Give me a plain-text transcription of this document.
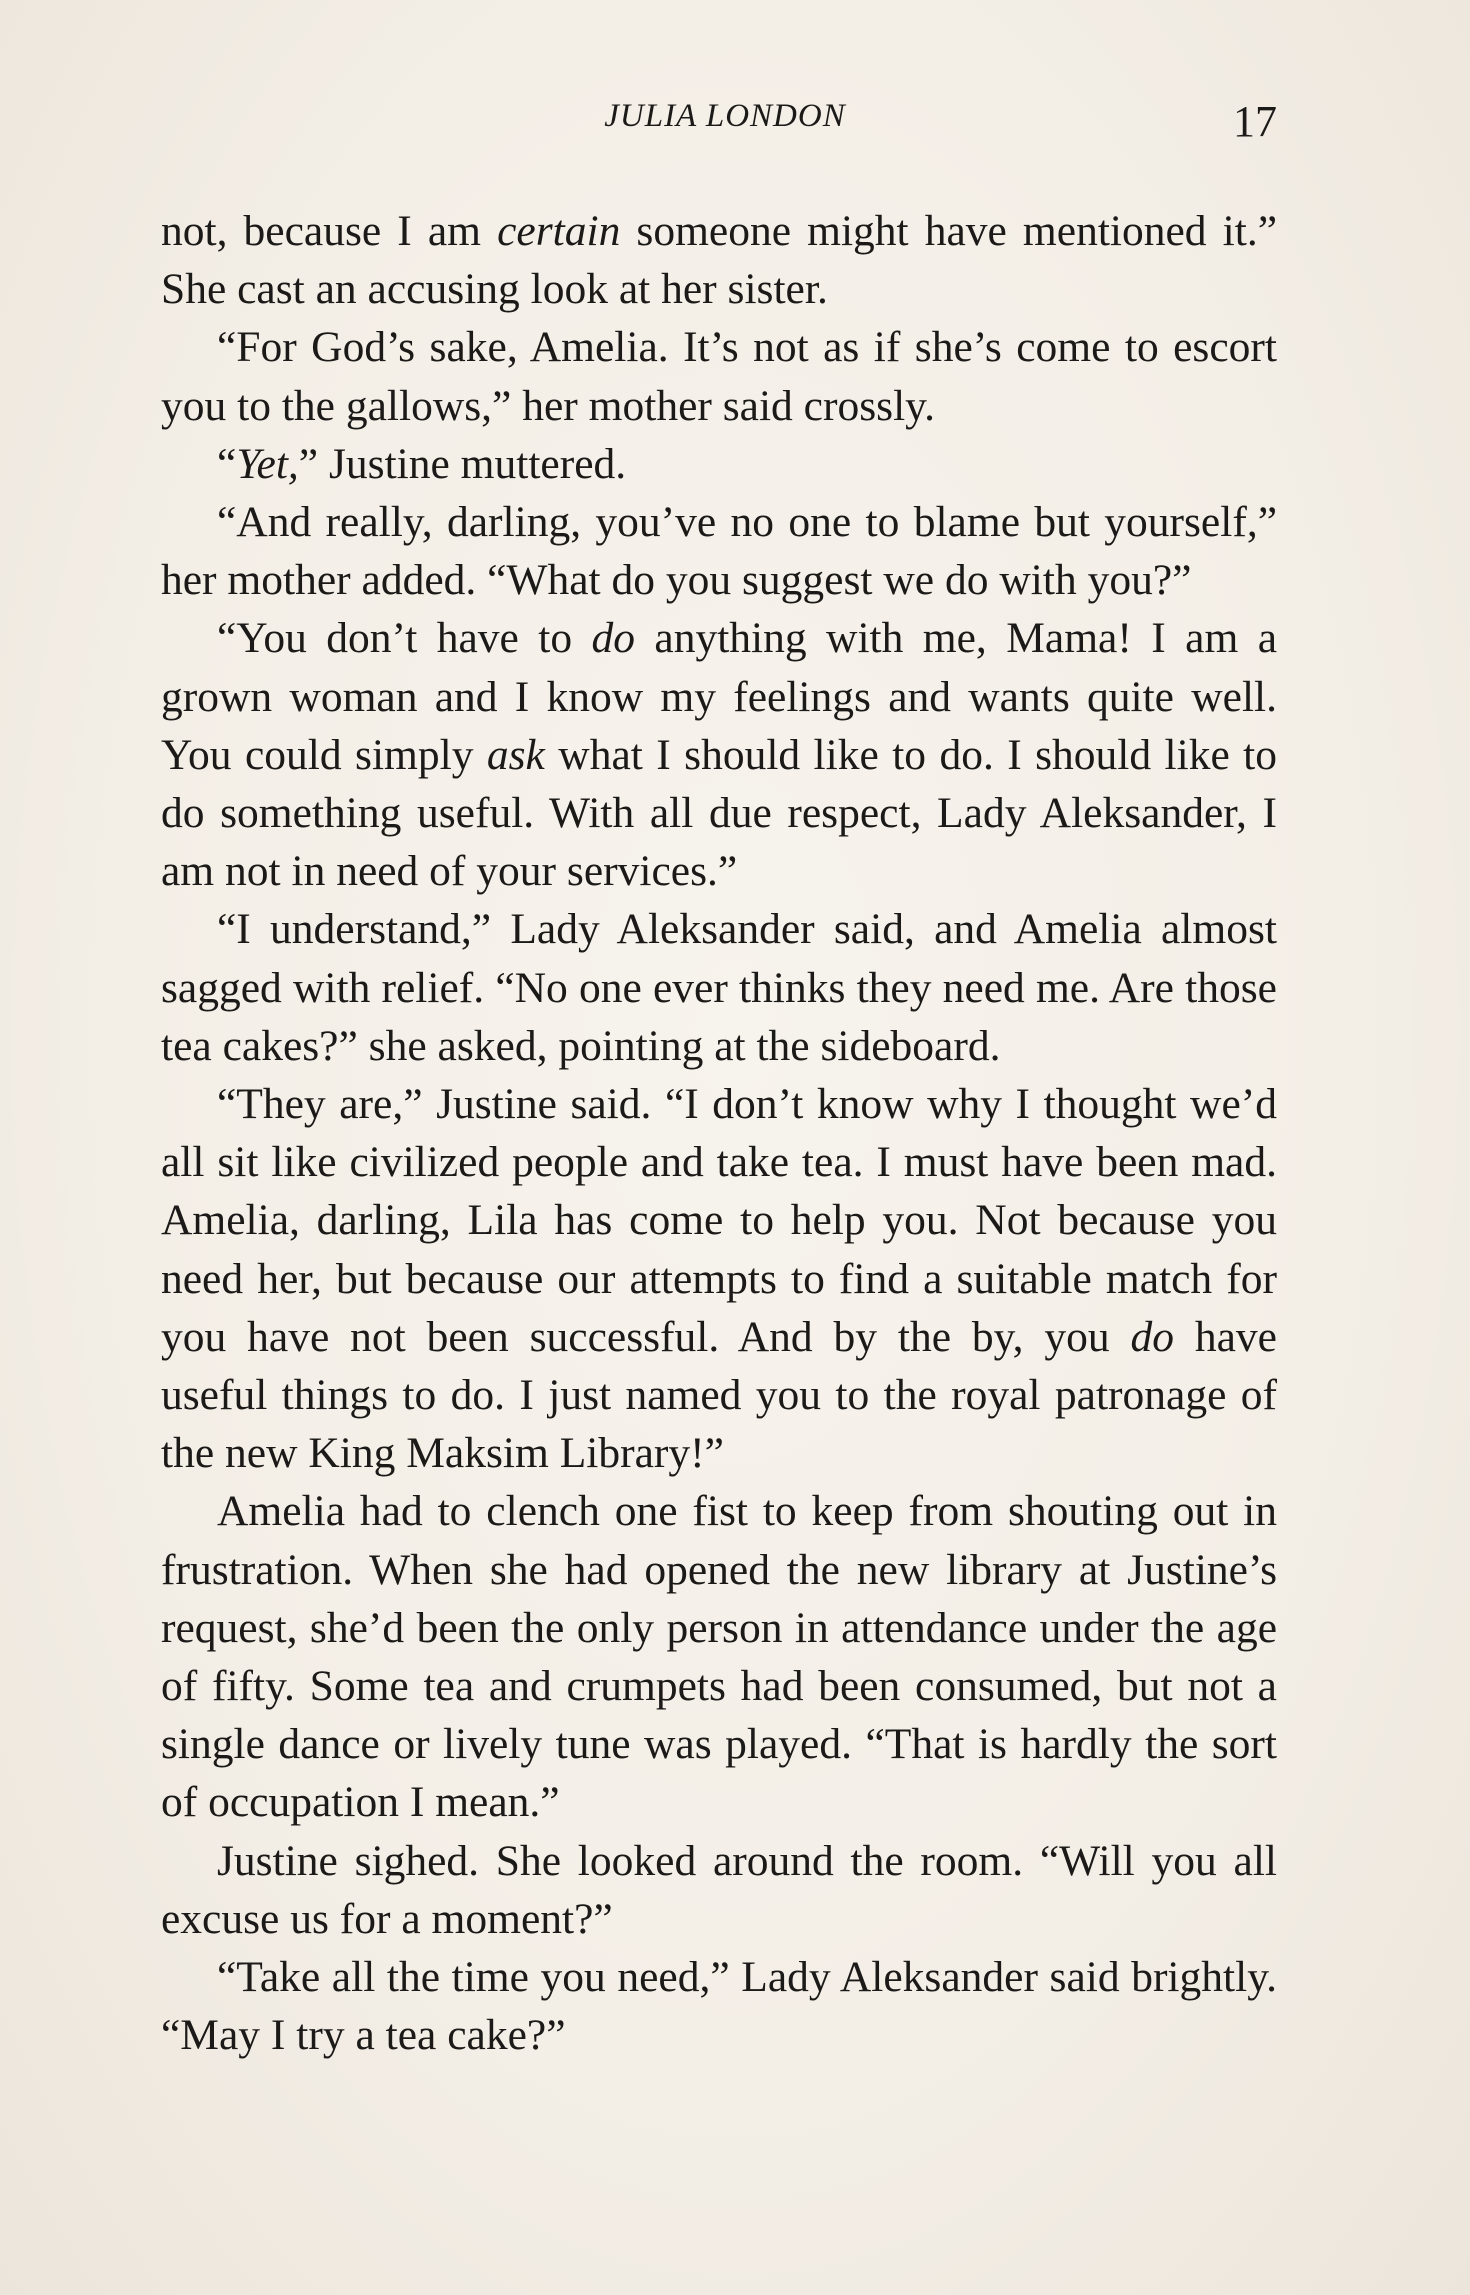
JULIA LONDON	17

not, because I am certain someone might have mentioned it.” She cast an accusing look at her sister.

“For God’s sake, Amelia. It’s not as if she’s come to escort you to the gallows,” her mother said crossly.

“Yet,” Justine muttered.

“And really, darling, you’ve no one to blame but yourself,” her mother added. “What do you suggest we do with you?”

“You don’t have to do anything with me, Mama! I am a grown woman and I know my feelings and wants quite well. You could simply ask what I should like to do. I should like to do something useful. With all due respect, Lady Aleksander, I am not in need of your services.”

“I understand,” Lady Aleksander said, and Amelia almost sagged with relief. “No one ever thinks they need me. Are those tea cakes?” she asked, pointing at the sideboard.

“They are,” Justine said. “I don’t know why I thought we’d all sit like civilized people and take tea. I must have been mad. Amelia, darling, Lila has come to help you. Not because you need her, but because our attempts to find a suitable match for you have not been successful. And by the by, you do have useful things to do. I just named you to the royal patronage of the new King Maksim Library!”

Amelia had to clench one fist to keep from shouting out in frustration. When she had opened the new library at Justine’s request, she’d been the only person in attendance under the age of fifty. Some tea and crumpets had been consumed, but not a single dance or lively tune was played. “That is hardly the sort of occupation I mean.”

Justine sighed. She looked around the room. “Will you all excuse us for a moment?”

“Take all the time you need,” Lady Aleksander said brightly. “May I try a tea cake?”
